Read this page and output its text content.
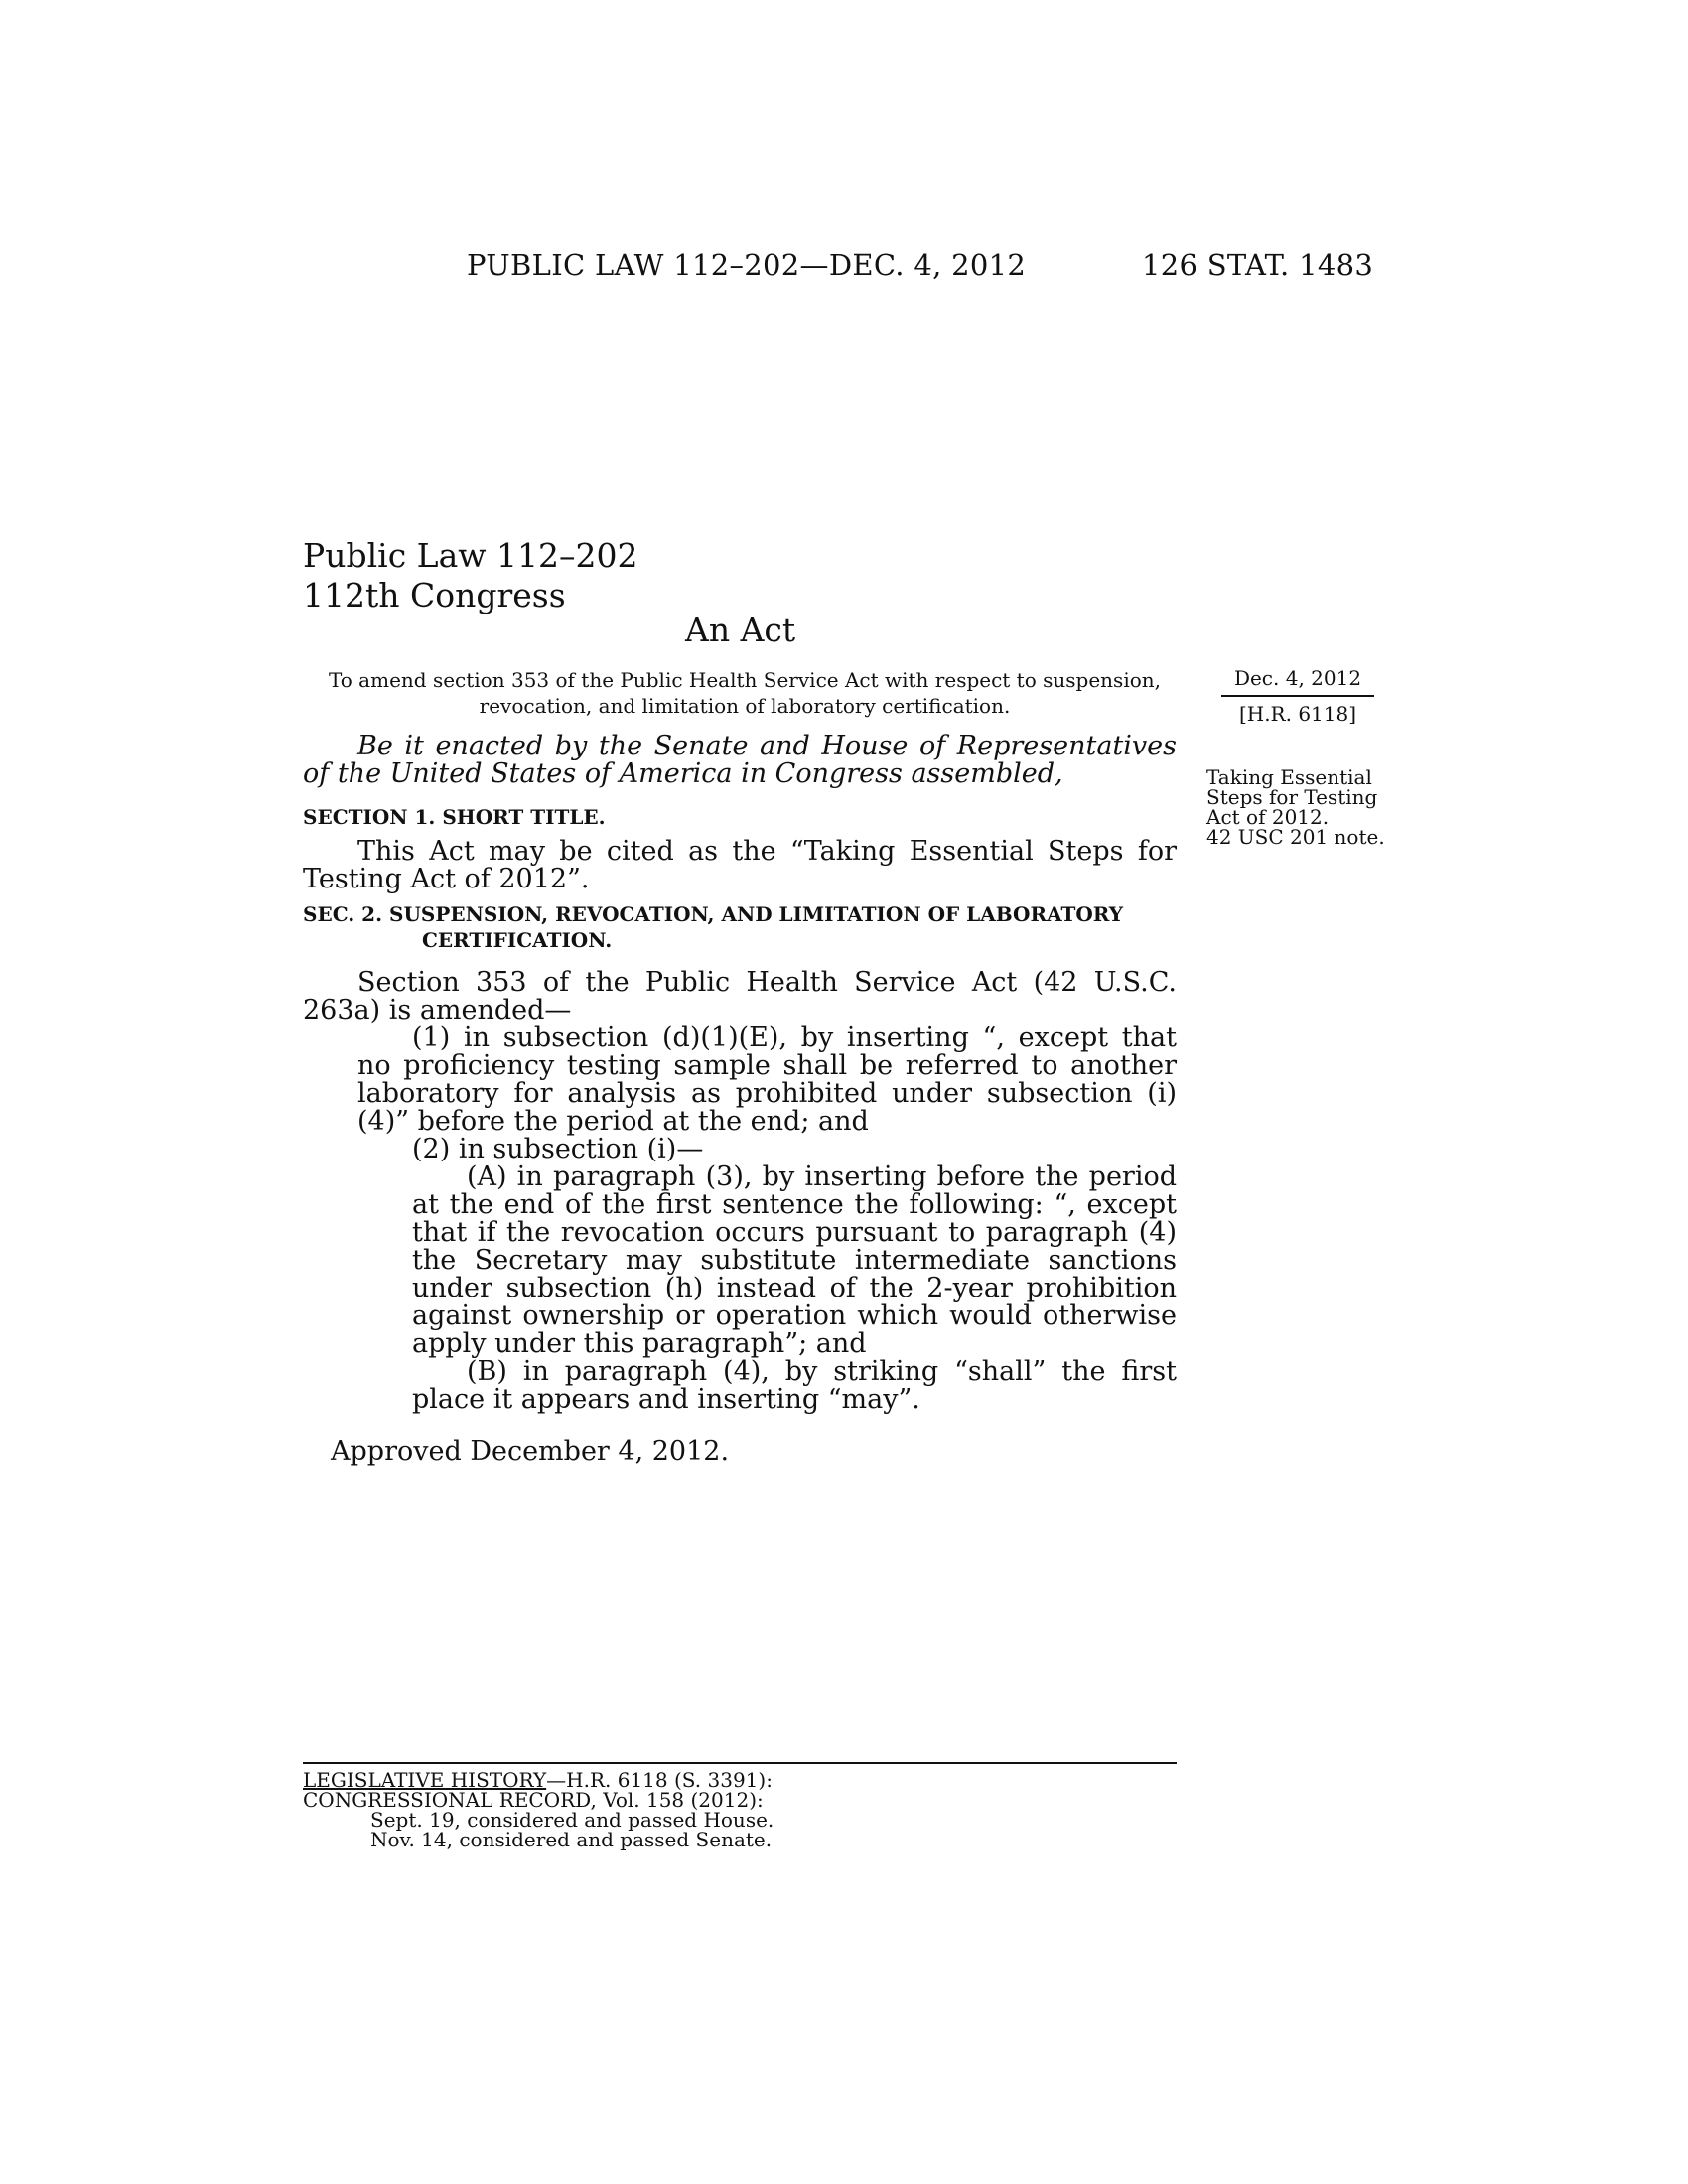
PUBLIC LAW 112–202—DEC. 4, 2012	126 STAT. 1483
Public Law 112–202
112th Congress
An Act
To amend section 353 of the Public Health Service Act with respect to suspension,
revocation, and limitation of laboratory certification.
Dec. 4, 2012
[H.R. 6118]
Taking Essential
Steps for Testing
Act of 2012.
42 USC 201 note.

Be it enacted by the Senate and House of Representatives of the United States of America in Congress assembled,

SECTION 1. SHORT TITLE.

This Act may be cited as the “Taking Essential Steps for Testing Act of 2012”.

SEC. 2. SUSPENSION, REVOCATION, AND LIMITATION OF LABORATORY CERTIFICATION.

Section 353 of the Public Health Service Act (42 U.S.C. 263a) is amended—

(1) in subsection (d)(1)(E), by inserting “, except that no proficiency testing sample shall be referred to another laboratory for analysis as prohibited under subsection (i)(4)” before the period at the end; and

(2) in subsection (i)—

(A) in paragraph (3), by inserting before the period at the end of the first sentence the following: “, except that if the revocation occurs pursuant to paragraph (4) the Secretary may substitute intermediate sanctions under subsection (h) instead of the 2-year prohibition against ownership or operation which would otherwise apply under this paragraph”; and

(B) in paragraph (4), by striking “shall” the first place it appears and inserting “may”.

Approved December 4, 2012.
LEGISLATIVE HISTORY—H.R. 6118 (S. 3391):
CONGRESSIONAL RECORD, Vol. 158 (2012):
Sept. 19, considered and passed House.
Nov. 14, considered and passed Senate.
